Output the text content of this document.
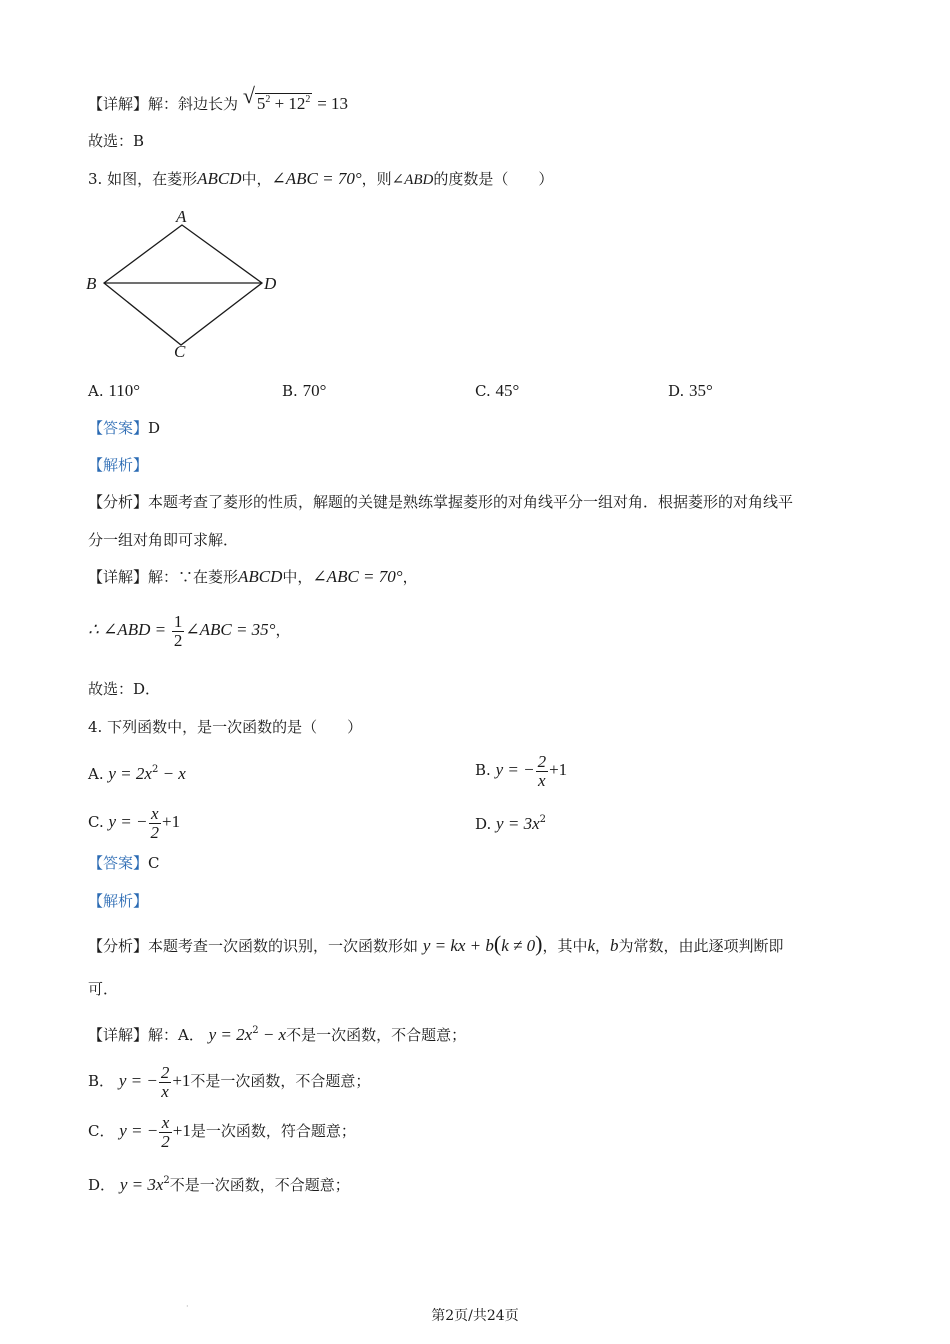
【详解】解：斜边长为 √ $5^2 + 12^2 = 13$
故选：B
3. 如图，在菱形ABCD中，∠ABC = 70°，则∠ABD的度数是（　　）
A
B
C
D
A. 110°	B. 70°	C. 45°	D. 35°
【答案】D
【解析】
【分析】本题考查了菱形的性质，解题的关键是熟练掌握菱形的对角线平分一组对角．根据菱形的对角线平
分一组对角即可求解．
【详解】解：∵在菱形ABCD中，∠ABC = 70°，
∴ ∠ABD = $\frac{1}{2}$ ∠ABC = 35°，
故选：D．
4. 下列函数中，是一次函数的是（　　）
A. $y = 2x^2 - x$	B. y = − $\frac{2}{x} +1$
C. y = − $\frac{x}{2} +1$	D. $y = 3x^2$
【答案】C
【解析】
【分析】本题考查一次函数的识别，一次函数形如 y = kx + b(k ≠ 0)，其中k，b为常数，由此逐项判断即
可．
【详解】解：A． $y = 2x^2 - x$不是一次函数，不合题意；
B． y = − $\frac{2}{x} +1$不是一次函数，不合题意；
C． y = − $\frac{x}{2} +1$是一次函数，符合题意；
D． $y = 3x^2$不是一次函数，不合题意；
·
第2页/共24页
